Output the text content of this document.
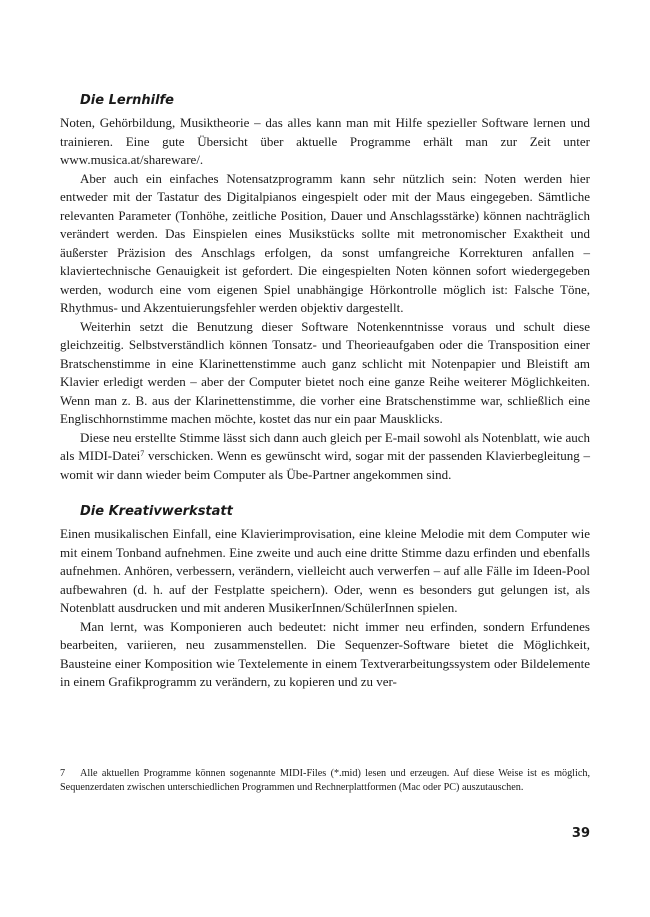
Die Lernhilfe

Noten, Gehörbildung, Musiktheorie – das alles kann man mit Hilfe spezieller Software lernen und trainieren. Eine gute Übersicht über aktuelle Programme erhält man zur Zeit unter www.musica.at/shareware/.

Aber auch ein einfaches Notensatzprogramm kann sehr nützlich sein: Noten werden hier entweder mit der Tastatur des Digitalpianos eingespielt oder mit der Maus eingegeben. Sämtliche relevanten Parameter (Tonhöhe, zeitliche Position, Dauer und Anschlagsstärke) können nachträglich verändert werden. Das Einspielen eines Musikstücks sollte mit metronomischer Exaktheit und äußerster Präzision des Anschlags erfolgen, da sonst umfangreiche Korrekturen anfallen – klaviertechnische Genauigkeit ist gefordert. Die eingespielten Noten können sofort wiedergegeben werden, wodurch eine vom eigenen Spiel unabhängige Hörkontrolle möglich ist: Falsche Töne, Rhythmus- und Akzentuierungsfehler werden objektiv dargestellt.

Weiterhin setzt die Benutzung dieser Software Notenkenntnisse voraus und schult diese gleichzeitig. Selbstverständlich können Tonsatz- und Theorieaufgaben oder die Transposition einer Bratschenstimme in eine Klarinettenstimme auch ganz schlicht mit Notenpapier und Bleistift am Klavier erledigt werden – aber der Computer bietet noch eine ganze Reihe weiterer Möglichkeiten. Wenn man z. B. aus der Klarinettenstimme, die vorher eine Bratschenstimme war, schließlich eine Englischhornstimme machen möchte, kostet das nur ein paar Mausklicks.

Diese neu erstellte Stimme lässt sich dann auch gleich per E-mail sowohl als Notenblatt, wie auch als MIDI-Datei$^7$ verschicken. Wenn es gewünscht wird, sogar mit der passenden Klavierbegleitung – womit wir dann wieder beim Computer als Übe-Partner angekommen sind.

Die Kreativwerkstatt

Einen musikalischen Einfall, eine Klavierimprovisation, eine kleine Melodie mit dem Computer wie mit einem Tonband aufnehmen. Eine zweite und auch eine dritte Stimme dazu erfinden und ebenfalls aufnehmen. Anhören, verbessern, verändern, vielleicht auch verwerfen – auf alle Fälle im Ideen-Pool aufbewahren (d. h. auf der Festplatte speichern). Oder, wenn es besonders gut gelungen ist, als Notenblatt ausdrucken und mit anderen MusikerInnen/SchülerInnen spielen.

Man lernt, was Komponieren auch bedeutet: nicht immer neu erfinden, sondern Erfundenes bearbeiten, variieren, neu zusammenstellen. Die Sequenzer-Software bietet die Möglichkeit, Bausteine einer Komposition wie Textelemente in einem Textverarbeitungssystem oder Bildelemente in einem Grafikprogramm zu verändern, zu kopieren und zu ver-

7 Alle aktuellen Programme können sogenannte MIDI-Files (*.mid) lesen und erzeugen. Auf diese Weise ist es möglich, Sequenzerdaten zwischen unterschiedlichen Programmen und Rechnerplattformen (Mac oder PC) auszutauschen.
39
